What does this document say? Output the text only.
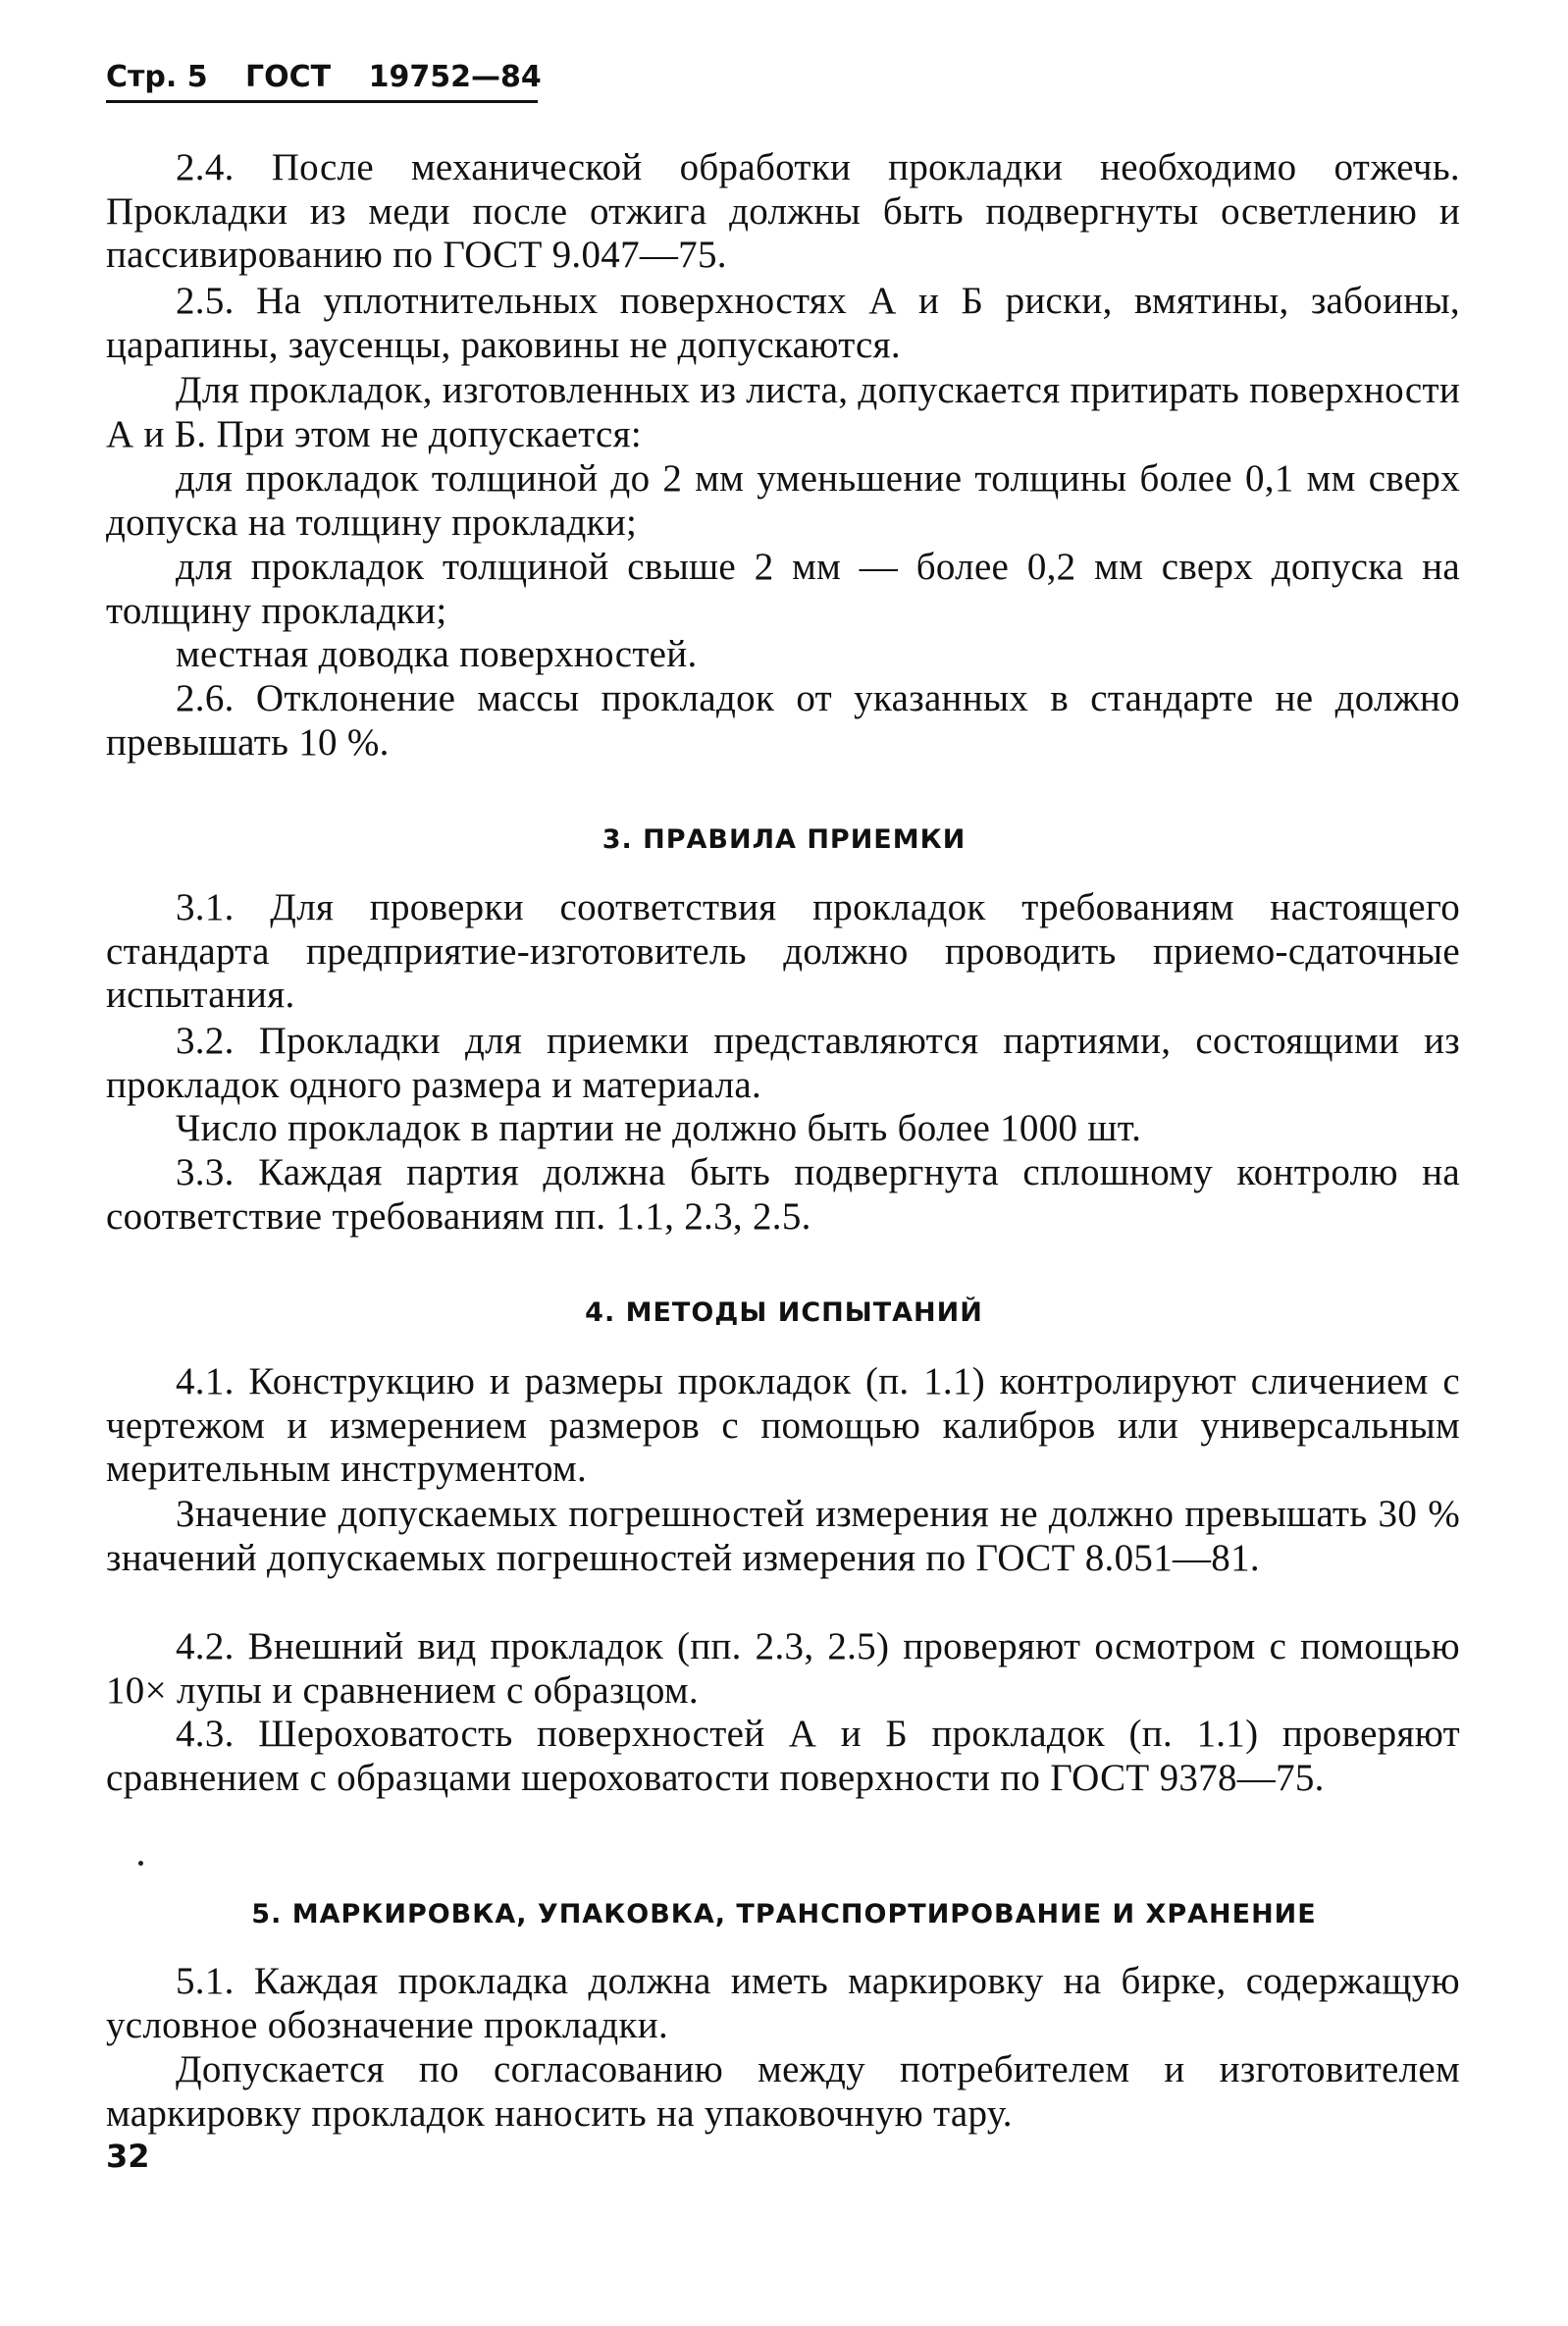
Стр. 5 ГОСТ 19752—84

2.4. После механической обработки прокладки необходимо отжечь. Прокладки из меди после отжига должны быть подвергнуты осветлению и пассивированию по ГОСТ 9.047—75.

2.5. На уплотнительных поверхностях А и Б риски, вмятины, забоины, царапины, заусенцы, раковины не допускаются.

Для прокладок, изготовленных из листа, допускается притирать поверхности А и Б. При этом не допускается:

для прокладок толщиной до 2 мм уменьшение толщины более 0,1 мм сверх допуска на толщину прокладки;

для прокладок толщиной свыше 2 мм — более 0,2 мм сверх допуска на толщину прокладки;

местная доводка поверхностей.

2.6. Отклонение массы прокладок от указанных в стандарте не должно превышать 10 %.

3. ПРАВИЛА ПРИЕМКИ

3.1. Для проверки соответствия прокладок требованиям настоящего стандарта предприятие-изготовитель должно проводить приемо-сдаточные испытания.

3.2. Прокладки для приемки представляются партиями, состоящими из прокладок одного размера и материала.

Число прокладок в партии не должно быть более 1000 шт.

3.3. Каждая партия должна быть подвергнута сплошному контролю на соответствие требованиям пп. 1.1, 2.3, 2.5.

4. МЕТОДЫ ИСПЫТАНИЙ

4.1. Конструкцию и размеры прокладок (п. 1.1) контролируют сличением с чертежом и измерением размеров с помощью калибров или универсальным мерительным инструментом.

Значение допускаемых погрешностей измерения не должно превышать 30 % значений допускаемых погрешностей измерения по ГОСТ 8.051—81.

4.2. Внешний вид прокладок (пп. 2.3, 2.5) проверяют осмотром с помощью 10× лупы и сравнением с образцом.

4.3. Шероховатость поверхностей А и Б прокладок (п. 1.1) проверяют сравнением с образцами шероховатости поверхности по ГОСТ 9378—75.

5. МАРКИРОВКА, УПАКОВКА, ТРАНСПОРТИРОВАНИЕ И ХРАНЕНИЕ

5.1. Каждая прокладка должна иметь маркировку на бирке, содержащую условное обозначение прокладки.

Допускается по согласованию между потребителем и изготовителем маркировку прокладок наносить на упаковочную тару.

32
